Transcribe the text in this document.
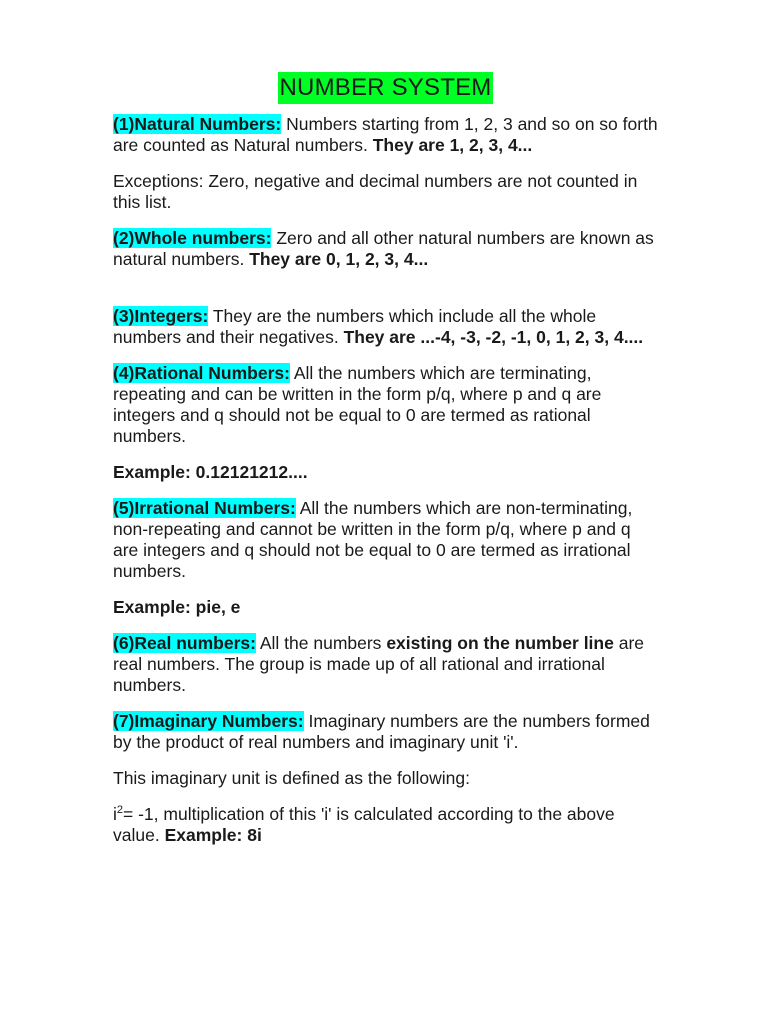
NUMBER SYSTEM

(1)Natural Numbers: Numbers starting from 1, 2, 3 and so on so forth are counted as Natural numbers. They are 1, 2, 3, 4...

Exceptions: Zero, negative and decimal numbers are not counted in this list.

(2)Whole numbers: Zero and all other natural numbers are known as natural numbers. They are 0, 1, 2, 3, 4...

(3)Integers: They are the numbers which include all the whole numbers and their negatives. They are ...-4, -3, -2, -1, 0, 1, 2, 3, 4....

(4)Rational Numbers: All the numbers which are terminating, repeating and can be written in the form p/q, where p and q are integers and q should not be equal to 0 are termed as rational numbers.

Example: 0.12121212....

(5)Irrational Numbers: All the numbers which are non-terminating, non-repeating and cannot be written in the form p/q, where p and q are integers and q should not be equal to 0 are termed as irrational numbers.

Example: pie, e

(6)Real numbers: All the numbers existing on the number line are real numbers. The group is made up of all rational and irrational numbers.

(7)Imaginary Numbers: Imaginary numbers are the numbers formed by the product of real numbers and imaginary unit 'i'.

This imaginary unit is defined as the following:

$i^2= -1$, multiplication of this 'i' is calculated according to the above value. Example: 8i
